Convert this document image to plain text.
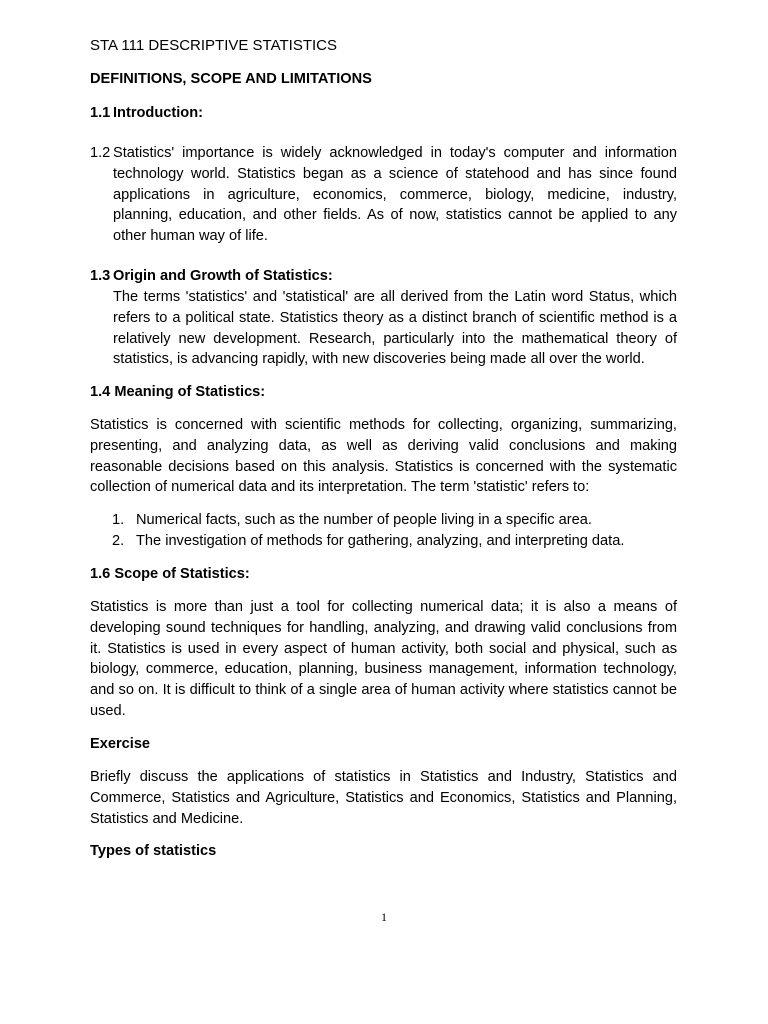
STA 111 DESCRIPTIVE STATISTICS
DEFINITIONS, SCOPE AND LIMITATIONS
1.1 Introduction:
1.2 Statistics' importance is widely acknowledged in today's computer and information technology world. Statistics began as a science of statehood and has since found applications in agriculture, economics, commerce, biology, medicine, industry, planning, education, and other fields. As of now, statistics cannot be applied to any other human way of life.
1.3 Origin and Growth of Statistics:
The terms 'statistics' and 'statistical' are all derived from the Latin word Status, which refers to a political state. Statistics theory as a distinct branch of scientific method is a relatively new development. Research, particularly into the mathematical theory of statistics, is advancing rapidly, with new discoveries being made all over the world.
1.4 Meaning of Statistics:
Statistics is concerned with scientific methods for collecting, organizing, summarizing, presenting, and analyzing data, as well as deriving valid conclusions and making reasonable decisions based on this analysis. Statistics is concerned with the systematic collection of numerical data and its interpretation. The term 'statistic' refers to:
1. Numerical facts, such as the number of people living in a specific area.
2. The investigation of methods for gathering, analyzing, and interpreting data.
1.6 Scope of Statistics:
Statistics is more than just a tool for collecting numerical data; it is also a means of developing sound techniques for handling, analyzing, and drawing valid conclusions from it. Statistics is used in every aspect of human activity, both social and physical, such as biology, commerce, education, planning, business management, information technology, and so on. It is difficult to think of a single area of human activity where statistics cannot be used.
Exercise
Briefly discuss the applications of statistics in Statistics and Industry, Statistics and Commerce, Statistics and Agriculture, Statistics and Economics, Statistics and Planning, Statistics and Medicine.
Types of statistics
1
